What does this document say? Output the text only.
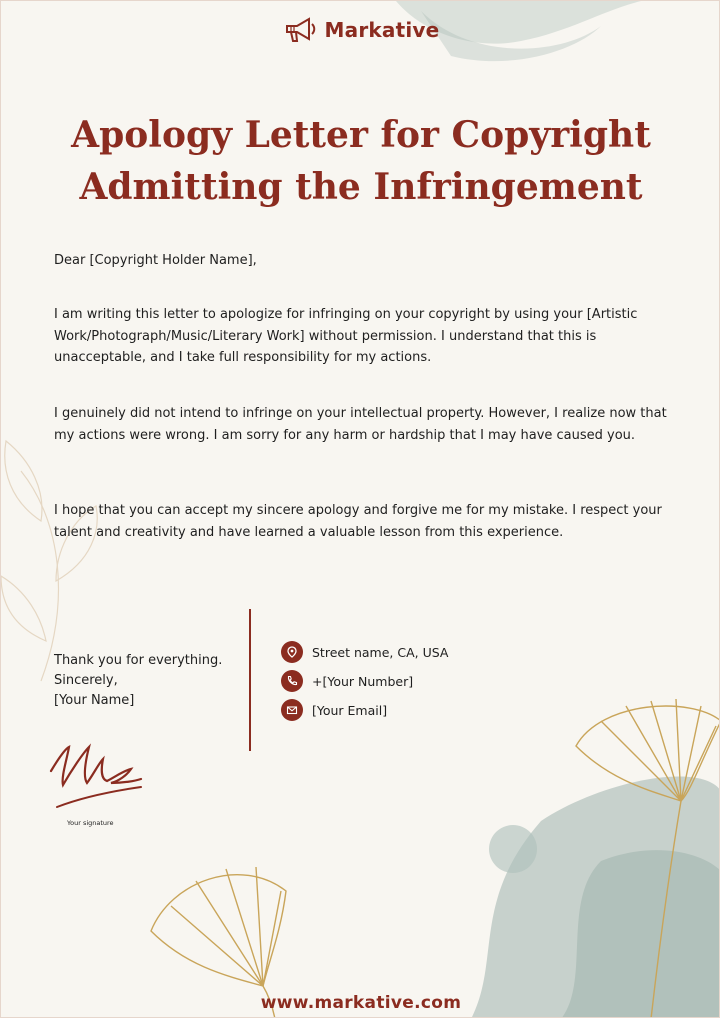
Markative
Apology Letter for Copyright
Admitting the Infringement
Dear [Copyright Holder Name],
I am writing this letter to apologize for infringing on your copyright by using your [Artistic Work/Photograph/Music/Literary Work] without permission. I understand that this is unacceptable, and I take full responsibility for my actions.
I genuinely did not intend to infringe on your intellectual property. However, I realize now that my actions were wrong. I am sorry for any harm or hardship that I may have caused you.
I hope that you can accept my sincere apology and forgive me for my mistake. I respect your talent and creativity and have learned a valuable lesson from this experience.
Thank you for everything.
Sincerely,
[Your Name]
Street name, CA, USA
+[Your Number]
[Your Email]
Your signature
www.markative.com
